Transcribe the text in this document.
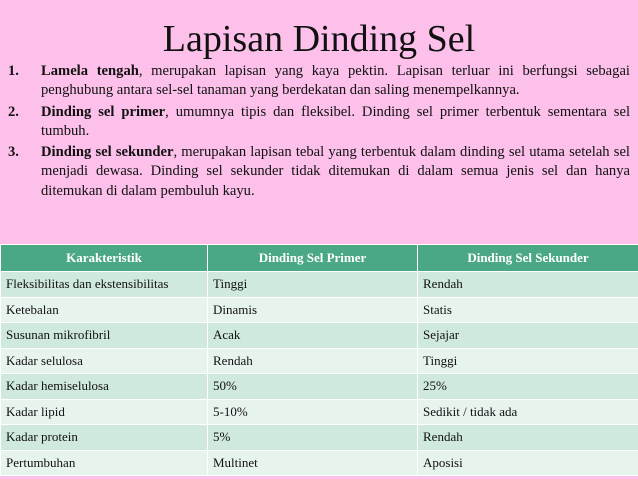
Lapisan Dinding Sel
1. Lamela tengah, merupakan lapisan yang kaya pektin. Lapisan terluar ini berfungsi sebagai penghubung antara sel-sel tanaman yang berdekatan dan saling menempelkannya.
2. Dinding sel primer, umumnya tipis dan fleksibel. Dinding sel primer terbentuk sementara sel tumbuh.
3. Dinding sel sekunder, merupakan lapisan tebal yang terbentuk dalam dinding sel utama setelah sel menjadi dewasa. Dinding sel sekunder tidak ditemukan di dalam semua jenis sel dan hanya ditemukan di dalam pembuluh kayu.
Karakteristik	Dinding Sel Primer	Dinding Sel Sekunder
Fleksibilitas dan ekstensibilitas	Tinggi	Rendah
Ketebalan	Dinamis	Statis
Susunan mikrofibril	Acak	Sejajar
Kadar selulosa	Rendah	Tinggi
Kadar hemiselulosa	50%	25%
Kadar lipid	5-10%	Sedikit / tidak ada
Kadar protein	5%	Rendah
Pertumbuhan	Multinet	Aposisi
